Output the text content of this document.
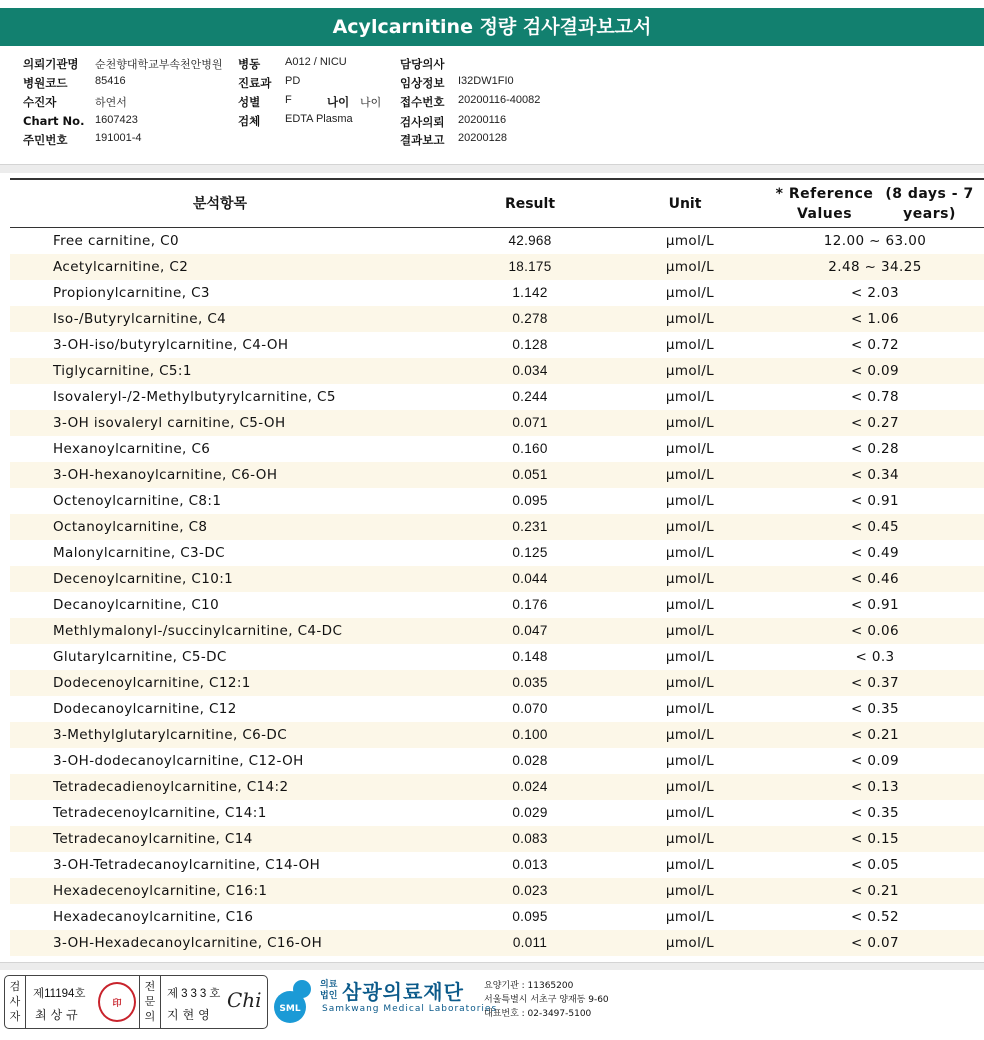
Acylcarnitine 정량 검사결과보고서
의뢰기관명 순천향대학교부속천안병원 병동 A012 / NICU	담당의사
병원코드	85416	진료과 PD	임상정보 I32DW1FI0
수진자	하연서	성별 F	나이 나이 접수번호 20200116-40082
Chart No. 1607423	검체 EDTA Plasma	검사의뢰 20200116
주민번호	191001-4	결과보고 20200128
분석항목	Result	Unit
* Reference Values
(8 days - 7 years)
Free carnitine, C0	42.968	μmol/L	12.00 ~ 63.00
Acetylcarnitine, C2	18.175	μmol/L	2.48 ~ 34.25
Propionylcarnitine, C3	1.142	μmol/L	< 2.03
Iso-/Butyrylcarnitine, C4	0.278	μmol/L	< 1.06
3-OH-iso/butyrylcarnitine, C4-OH	0.128	μmol/L	< 0.72
Tiglycarnitine, C5:1	0.034	μmol/L	< 0.09
Isovaleryl-/2-Methylbutyrylcarnitine, C5	0.244	μmol/L	< 0.78
3-OH isovaleryl carnitine, C5-OH	0.071	μmol/L	< 0.27
Hexanoylcarnitine, C6	0.160	μmol/L	< 0.28
3-OH-hexanoylcarnitine, C6-OH	0.051	μmol/L	< 0.34
Octenoylcarnitine, C8:1	0.095	μmol/L	< 0.91
Octanoylcarnitine, C8	0.231	μmol/L	< 0.45
Malonylcarnitine, C3-DC	0.125	μmol/L	< 0.49
Decenoylcarnitine, C10:1	0.044	μmol/L	< 0.46
Decanoylcarnitine, C10	0.176	μmol/L	< 0.91
Methlymalonyl-/succinylcarnitine, C4-DC	0.047	μmol/L	< 0.06
Glutarylcarnitine, C5-DC	0.148	μmol/L	< 0.3
Dodecenoylcarnitine, C12:1	0.035	μmol/L	< 0.37
Dodecanoylcarnitine, C12	0.070	μmol/L	< 0.35
3-Methylglutarylcarnitine, C6-DC	0.100	μmol/L	< 0.21
3-OH-dodecanoylcarnitine, C12-OH	0.028	μmol/L	< 0.09
Tetradecadienoylcarnitine, C14:2	0.024	μmol/L	< 0.13
Tetradecenoylcarnitine, C14:1	0.029	μmol/L	< 0.35
Tetradecanoylcarnitine, C14	0.083	μmol/L	< 0.15
3-OH-Tetradecanoylcarnitine, C14-OH	0.013	μmol/L	< 0.05
Hexadecenoylcarnitine, C16:1	0.023	μmol/L	< 0.21
Hexadecanoylcarnitine, C16	0.095	μmol/L	< 0.52
3-OH-Hexadecanoylcarnitine, C16-OH	0.011	μmol/L	< 0.07
검
사
자
제11194호
최상규
印
전
문
의
제333호
지현영
Chi SML
의료
법인 삼광의료재단
Samkwang Medical Laboratories
요양기관 : 11365200
서울특별시 서초구 양재동 9-60
대표번호 : 02-3497-5100
